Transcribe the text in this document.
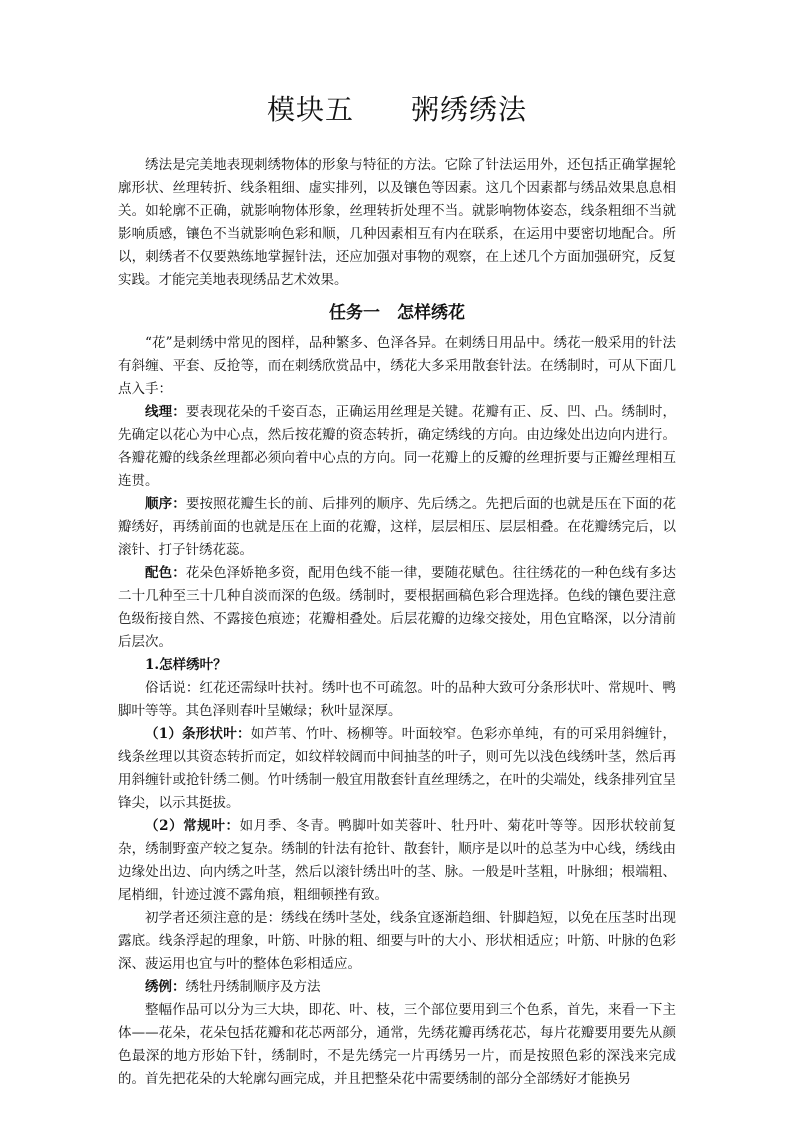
模块五　 粥绣绣法

绣法是完美地表现刺绣物体的形象与特征的方法。它除了针法运用外，还包括正确掌握轮廓形状、丝理转折、线条粗细、虚实排列，以及镶色等因素。这几个因素都与绣品效果息息相关。如轮廓不正确，就影响物体形象，丝理转折处理不当。就影响物体姿态，线条粗细不当就影响质感，镶色不当就影响色彩和顺，几种因素相互有内在联系，在运用中要密切地配合。所以，刺绣者不仅要熟练地掌握针法，还应加强对事物的观察，在上述几个方面加强研究，反复实践。才能完美地表现绣品艺术效果。

任务一　怎样绣花

“花”是刺绣中常见的图样，品种繁多、色泽各异。在刺绣日用品中。绣花一般采用的针法有斜缠、平套、反抢等，而在刺绣欣赏品中，绣花大多采用散套针法。在绣制时，可从下面几点入手：

线理：要表现花朵的千姿百态，正确运用丝理是关键。花瓣有正、反、凹、凸。绣制时，先确定以花心为中心点，然后按花瓣的资态转折，确定绣线的方向。由边缘处出边向内进行。各瓣花瓣的线条丝理都必须向着中心点的方向。同一花瓣上的反瓣的丝理折要与正瓣丝理相互连贯。

顺序：要按照花瓣生长的前、后排列的顺序、先后绣之。先把后面的也就是压在下面的花瓣绣好，再绣前面的也就是压在上面的花瓣，这样，层层相压、层层相叠。在花瓣绣完后，以滚针、打子针绣花蕊。

配色：花朵色泽娇艳多资，配用色线不能一律，要随花赋色。往往绣花的一种色线有多达二十几种至三十几种自淡而深的色级。绣制时，要根据画稿色彩合理选择。色线的镶色要注意色级衔接自然、不露接色痕迹；花瓣相叠处。后层花瓣的边缘交接处，用色宜略深，以分清前后层次。

1.怎样绣叶？

俗话说：红花还需绿叶扶衬。绣叶也不可疏忽。叶的品种大致可分条形状叶、常规叶、鸭脚叶等等。其色泽则春叶呈嫩绿；秋叶显深厚。

（1）条形状叶：如芦苇、竹叶、杨柳等。叶面较窄。色彩亦单纯，有的可采用斜缠针，线条丝理以其资态转折而定，如纹样较阔而中间抽茎的叶子，则可先以浅色线绣叶茎，然后再用斜缠针或抢针绣二侧。竹叶绣制一般宜用散套针直丝理绣之，在叶的尖端处，线条排列宜呈锋尖，以示其挺拔。

（2）常规叶：如月季、冬青。鸭脚叶如芙蓉叶、牡丹叶、菊花叶等等。因形状较前复杂，绣制野蛮产较之复杂。绣制的针法有抢针、散套针，顺序是以叶的总茎为中心线，绣线由边缘处出边、向内绣之叶茎，然后以滚针绣出叶的茎、脉。一般是叶茎粗，叶脉细；根端粗、尾梢细，针迹过渡不露角痕，粗细顿挫有致。

初学者还须注意的是：绣线在绣叶茎处，线条宜逐渐趋细、针脚趋短，以免在压茎时出现露底。线条浮起的理象，叶筋、叶脉的粗、细要与叶的大小、形状相适应；叶筋、叶脉的色彩深、菠运用也宜与叶的整体色彩相适应。

绣例：绣牡丹绣制顺序及方法

整幅作品可以分为三大块，即花、叶、枝，三个部位要用到三个色系，首先，来看一下主体——花朵，花朵包括花瓣和花芯两部分，通常，先绣花瓣再绣花芯，每片花瓣要用要先从颜色最深的地方形始下针，绣制时，不是先绣完一片再绣另一片，而是按照色彩的深浅来完成的。首先把花朵的大轮廓勾画完成，并且把整朵花中需要绣制的部分全部绣好才能换另
